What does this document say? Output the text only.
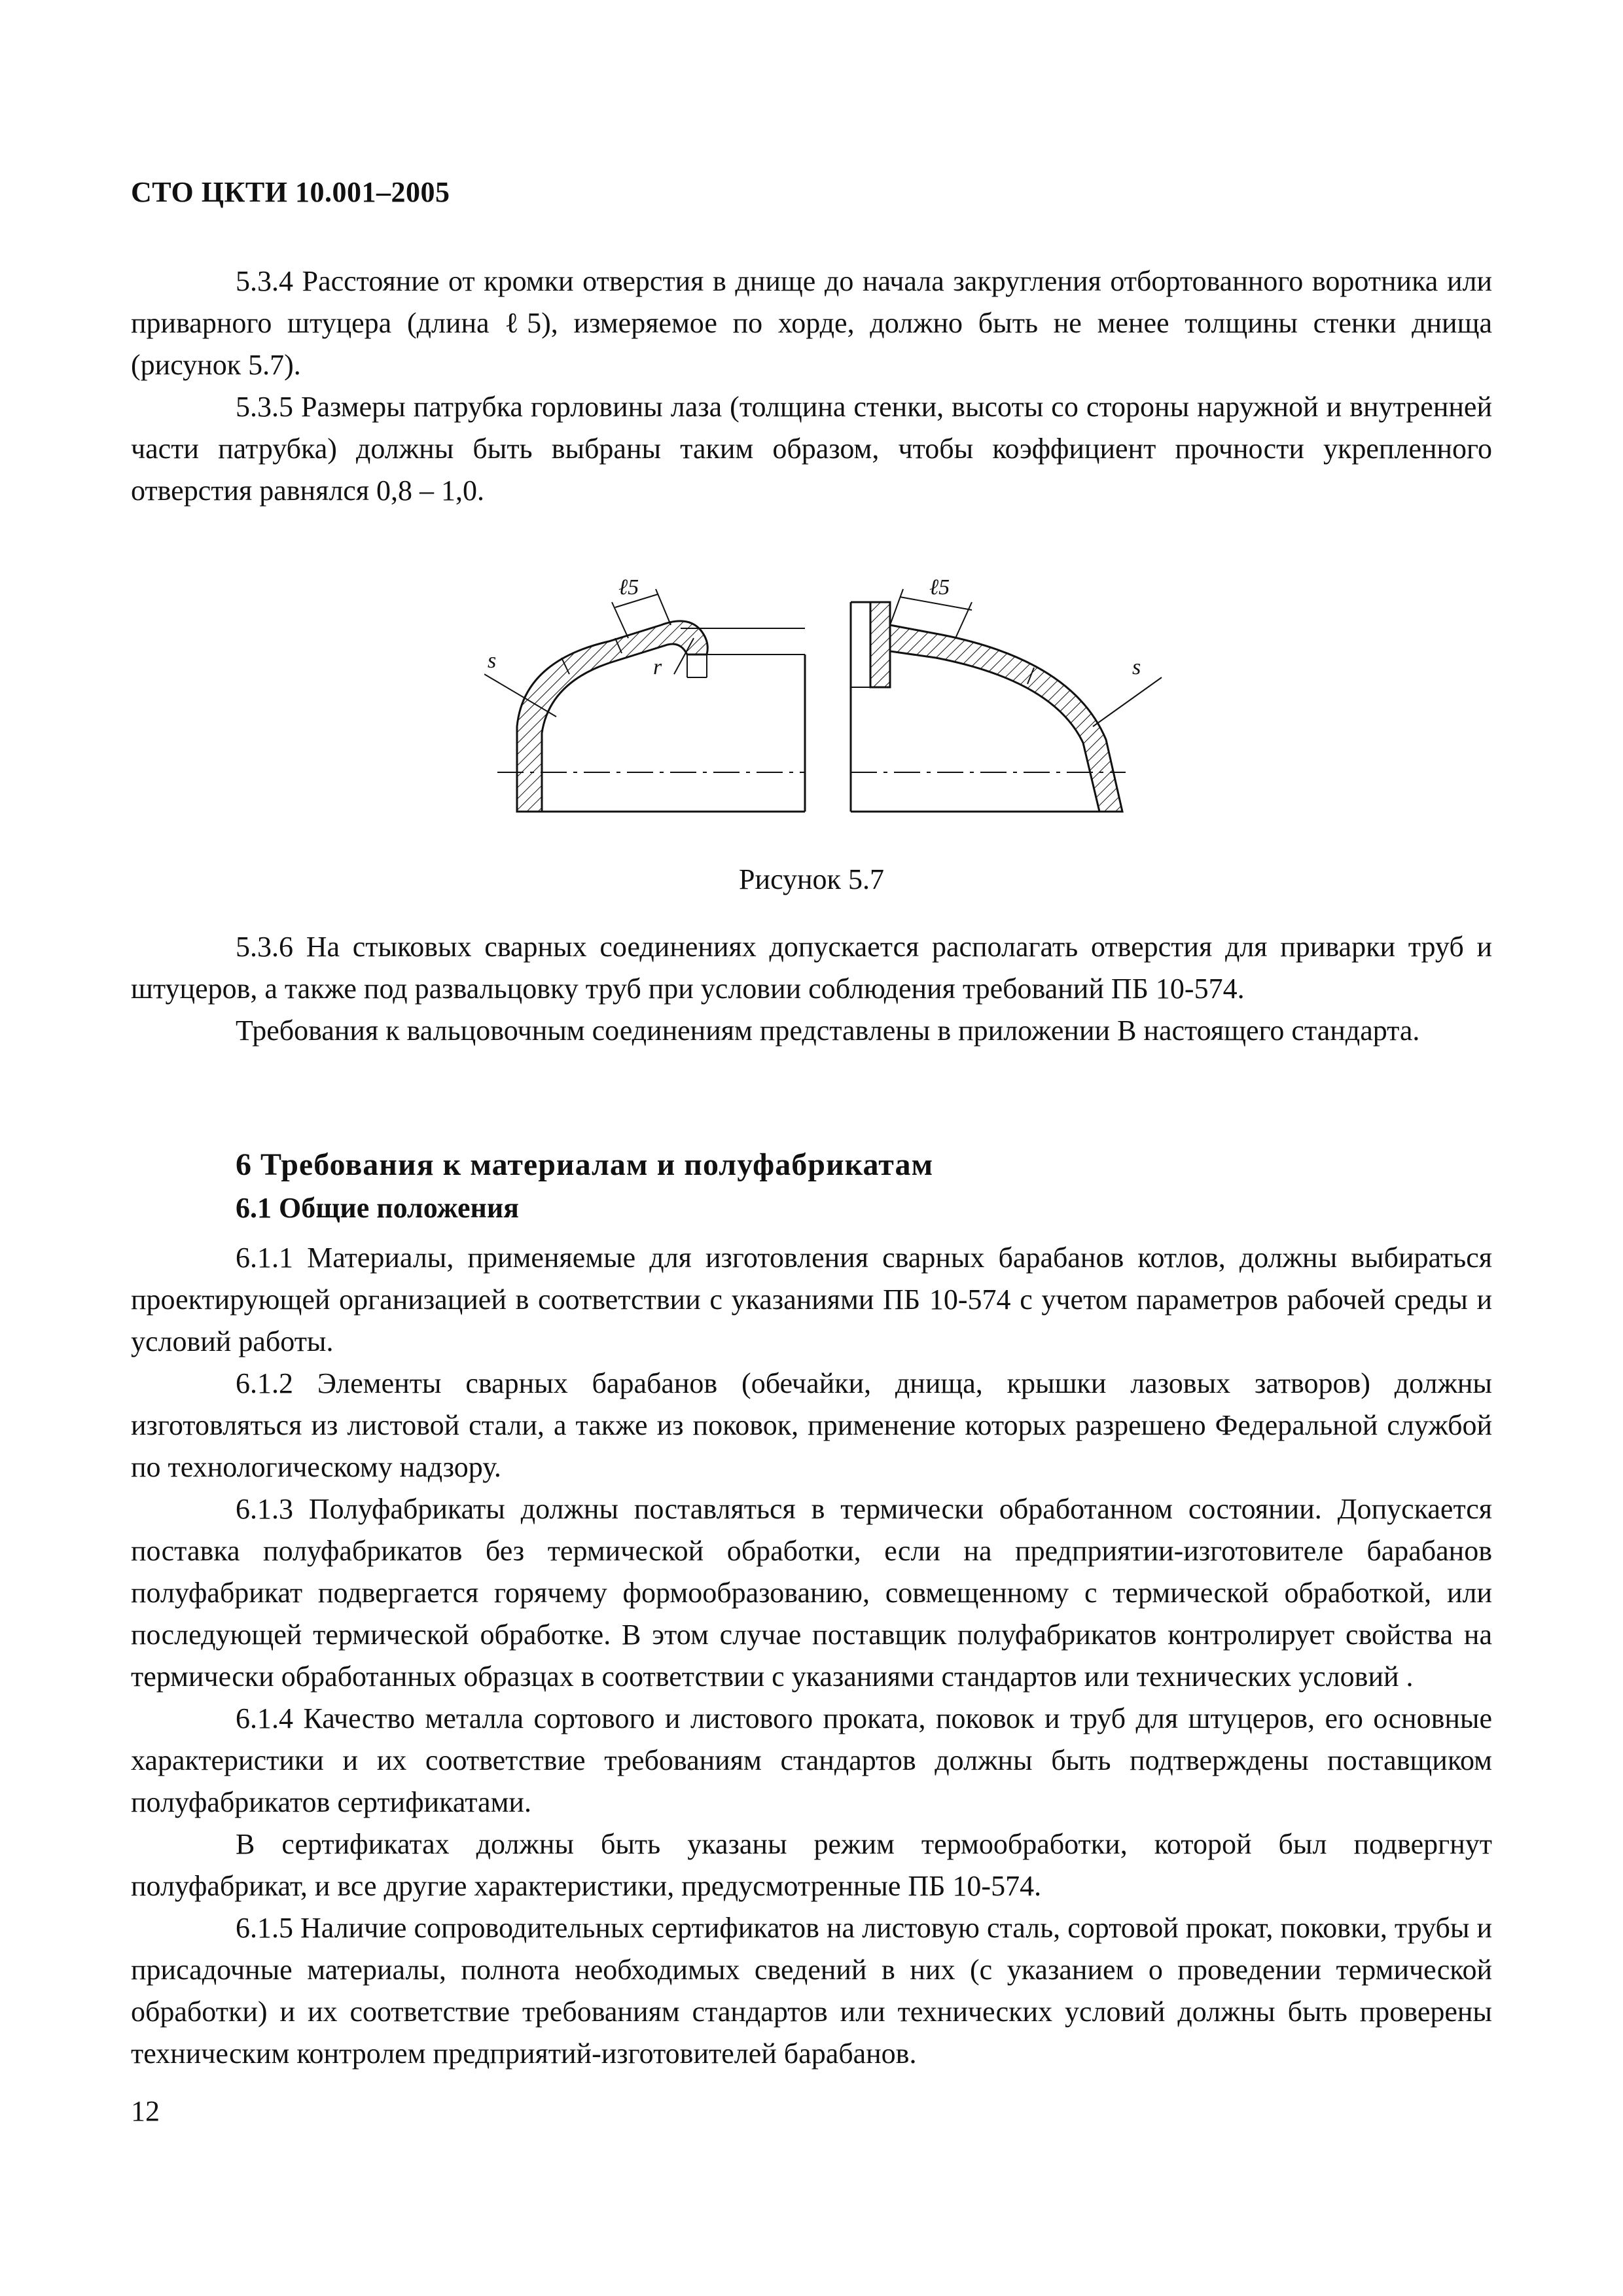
СТО ЦКТИ 10.001–2005

5.3.4 Расстояние от кромки отверстия в днище до начала закругления отбортованного воротника или приварного штуцера (длина ℓ5), измеряемое по хорде, должно быть не менее толщины стенки днища (рисунок 5.7).

5.3.5 Размеры патрубка горловины лаза (толщина стенки, высоты со стороны наружной и внутренней части патрубка) должны быть выбраны таким образом, чтобы коэффициент прочности укрепленного отверстия равнялся 0,8 – 1,0.

ℓ5
s	r
ℓ5
s
Рисунок 5.7

5.3.6 На стыковых сварных соединениях допускается располагать отверстия для приварки труб и штуцеров, а также под развальцовку труб при условии соблюдения требований ПБ 10-574.

Требования к вальцовочным соединениям представлены в приложении В настоящего стандарта.

6 Требования к материалам и полуфабрикатам
6.1 Общие положения

6.1.1 Материалы, применяемые для изготовления сварных барабанов котлов, должны выбираться проектирующей организацией в соответствии с указаниями ПБ 10-574 с учетом параметров рабочей среды и условий работы.

6.1.2 Элементы сварных барабанов (обечайки, днища, крышки лазовых затворов) должны изготовляться из листовой стали, а также из поковок, применение которых разрешено Федеральной службой по технологическому надзору.

6.1.3 Полуфабрикаты должны поставляться в термически обработанном состоянии. Допускается поставка полуфабрикатов без термической обработки, если на предприятии-изготовителе барабанов полуфабрикат подвергается горячему формообразованию, совмещенному с термической обработкой, или последующей термической обработке. В этом случае поставщик полуфабрикатов контролирует свойства на термически обработанных образцах в соответствии с указаниями стандартов или технических условий .

6.1.4 Качество металла сортового и листового проката, поковок и труб для штуцеров, его основные характеристики и их соответствие требованиям стандартов должны быть подтверждены поставщиком полуфабрикатов сертификатами.

В сертификатах должны быть указаны режим термообработки, которой был подвергнут полуфабрикат, и все другие характеристики, предусмотренные ПБ 10-574.

6.1.5 Наличие сопроводительных сертификатов на листовую сталь, сортовой прокат, поковки, трубы и присадочные материалы, полнота необходимых сведений в них (с указанием о проведении термической обработки) и их соответствие требованиям стандартов или технических условий должны быть проверены техническим контролем предприятий-изготовителей барабанов.

12
